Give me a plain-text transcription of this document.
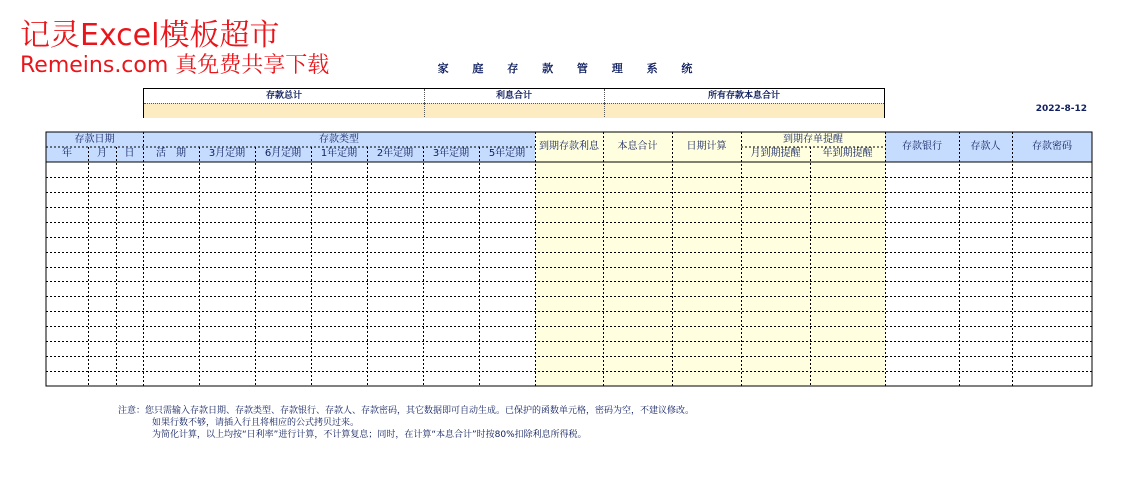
记灵Excel模板超市
Remeins.com 真免费共享下载	家 庭 存 款 管 理 系 统
存款总计	利息合计	所有存款本息合计
2022-8-12
存款日期	存款类型	到期存单提醒
年	月	日	活　期	3月定期	6月定期	1年定期	2年定期	3年定期	5年定期	月到期提醒	年到期提醒
到期存款利息	本息合计	日期计算	存款银行	存款人	存款密码
注意：您只需输入存款日期、存款类型、存款银行、存款人、存款密码，其它数据即可自动生成。已保护的函数单元格，密码为空，不建议修改。
如果行数不够，请插入行且将相应的公式拷贝过来。
为简化计算，以上均按“日利率”进行计算，不计算复息；同时，在计算“本息合计”时按80%扣除利息所得税。
